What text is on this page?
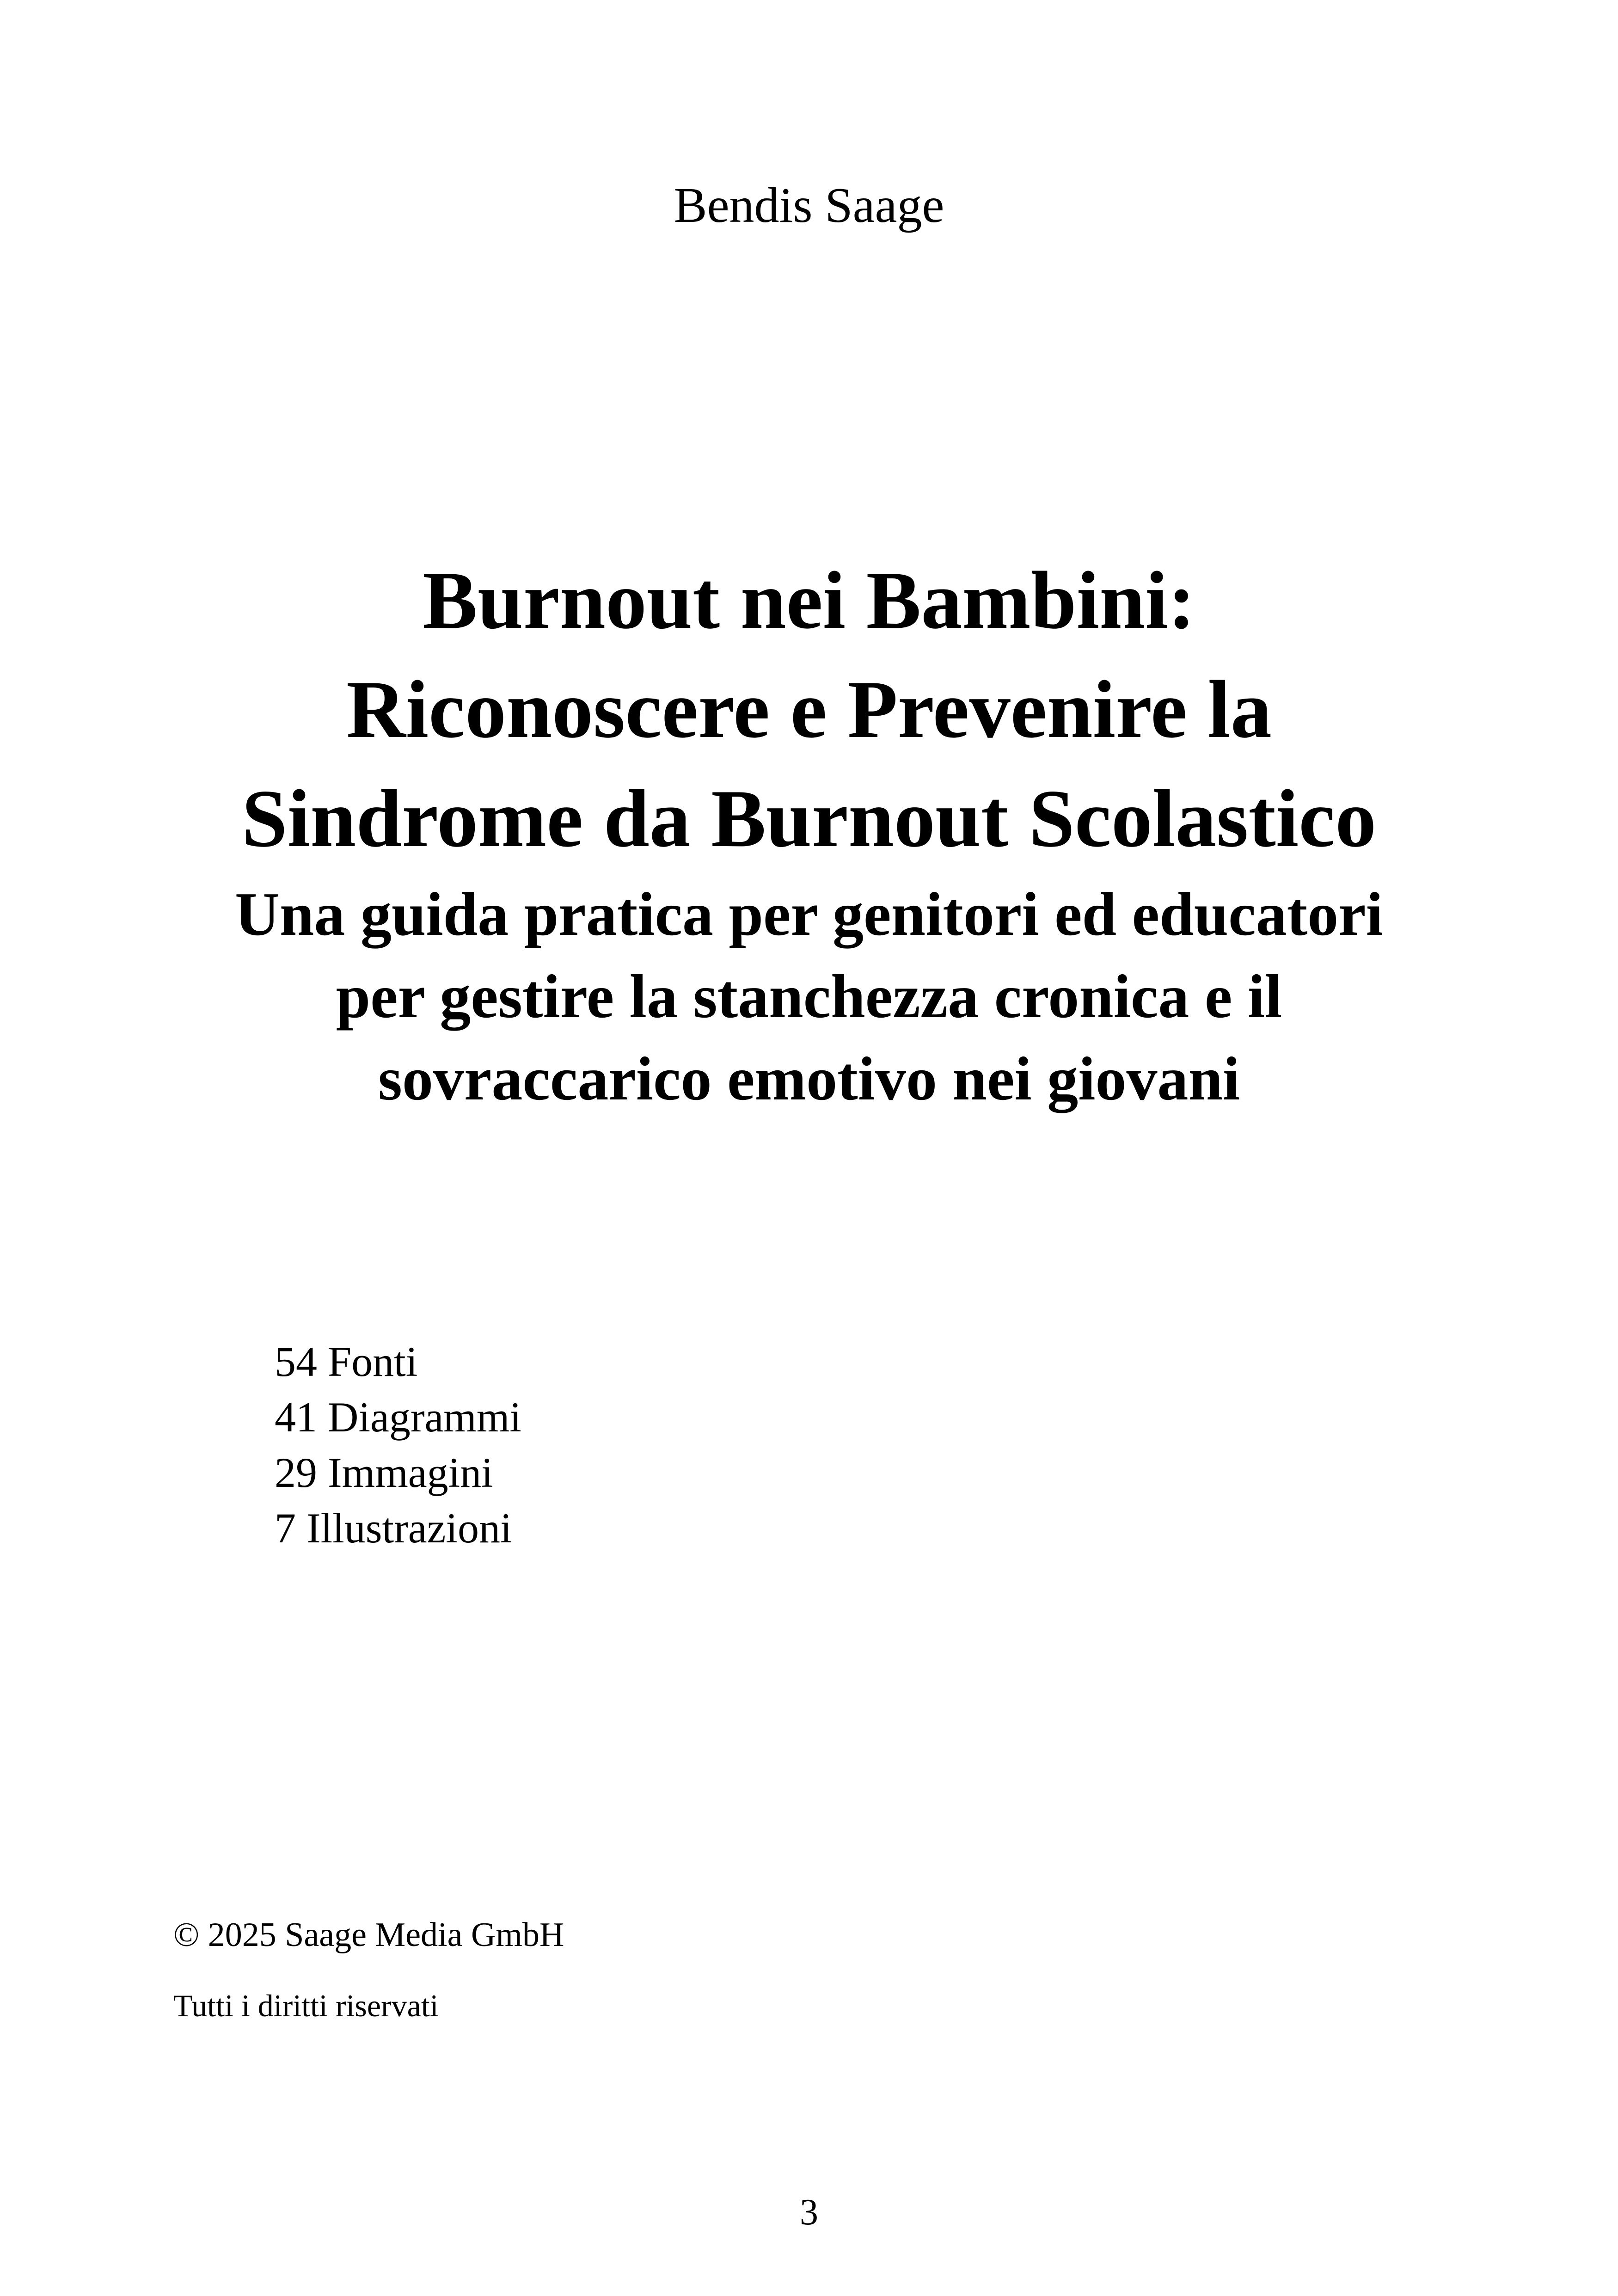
Bendis Saage
Burnout nei Bambini:
Riconoscere e Prevenire la
Sindrome da Burnout Scolastico
Una guida pratica per genitori ed educatori
per gestire la stanchezza cronica e il
sovraccarico emotivo nei giovani
54 Fonti
41 Diagrammi
29 Immagini
7 Illustrazioni
© 2025 Saage Media GmbH
Tutti i diritti riservati
3
